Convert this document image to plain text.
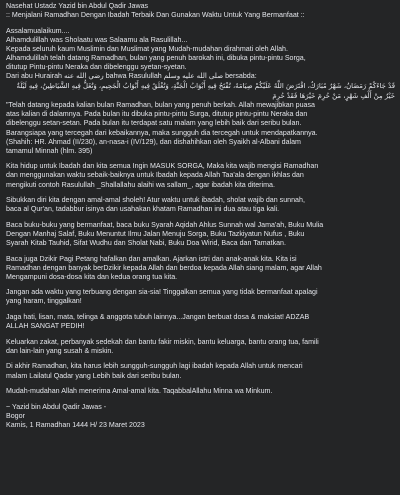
Nasehat Ustadz Yazid bin Abdul Qadir Jawas

:: Menjalani Ramadhan Dengan Ibadah Terbaik Dan Gunakan Waktu Untuk Yang Bermanfaat ::

Assalamualaikum....

Alhamdulillah was Sholaatu was Salaamu ala Rasulillah...

Kepada seluruh kaum Muslimin dan Muslimat yang Mudah-mudahan dirahmati oleh Allah.

Alhamdulillah telah datang Ramadhan, bulan yang penuh barokah ini, dibuka pintu-pintu Sorga,

ditutup Pintu-pintu Neraka dan dibelenggu syetan-syetan.

Dari abu Hurairah رضي الله عنه bahwa Rasulullah صلى الله عليه وسلم bersabda:

قَدْ جَاءَكُمْ رَمَضَانُ، شَهْرٌ مُبَارَكٌ، افْتَرَضَ اللَّهُ عَلَيْكُمْ صِيَامَهُ، تُفْتَحُ فِيهِ أَبْوَابُ الْجَنَّةِ، وَتُغْلَقُ فِيهِ أَبْوَابُ الْجَحِيمِ، وَتُغَلُّ فِيهِ الشَّيَاطِينُ، فِيهِ لَيْلَةٌ خَيْرٌ مِنْ أَلْفِ شَهْرٍ، مَنْ حُرِمَ خَيْرَهَا فَقَدْ حُرِمَ

"Telah datang kepada kalian bulan Ramadhan, bulan yang penuh berkah. Allah mewajibkan puasa

atas kalian di dalamnya. Pada bulan itu dibuka pintu-pintu Surga, ditutup pintu-pintu Neraka dan

dibelenggu setan-setan. Pada bulan itu terdapat satu malam yang lebih baik dari seribu bulan.

Barangsiapa yang tercegah dari kebaikannya, maka sungguh dia tercegah untuk mendapatkannya.

(Shahih: HR. Ahmad (II/230), an-nasa-i (IV/129), dan dishahihkan oleh Syaikh al-Albani dalam

tamamul Minnah (hlm. 395)

Kita hidup untuk Ibadah dan kita semua Ingin MASUK SORGA, Maka kita wajib mengisi Ramadhan

dan menggunakan waktu sebaik-baiknya untuk Ibadah kepada Allah Taa'ala dengan ikhlas dan

mengikuti contoh Rasulullah _Shallallahu alaihi wa sallam_, agar ibadah kita diterima.

Sibukkan diri kita dengan amal-amal sholeh! Atur waktu untuk ibadah, sholat wajib dan sunnah,

baca al Qur'an, tadabbur isinya dan usahakan khatam Ramadhan ini dua atau tiga kali.

Baca buku-buku yang bermanfaat, baca buku Syarah Aqidah Ahlus Sunnah wal Jama'ah, Buku Mulia

Dengan Manhaj Salaf, Buku Menuntut Ilmu Jalan Menuju Sorga, Buku Tazkiyatun Nufus , Buku

Syarah Kitab Tauhid, Sifat Wudhu dan Sholat Nabi, Buku Doa Wirid, Baca dan Tamatkan.

Baca juga Dzikir Pagi Petang hafalkan dan amalkan. Ajarkan istri dan anak-anak kita. Kita isi

Ramadhan dengan banyak berDzikir kepada Allah dan berdoa kepada Allah siang malam, agar Allah

Mengampuni dosa-dosa kita dan kedua orang tua kita.

Jangan ada waktu yang terbuang dengan sia-sia! Tinggalkan semua yang tidak bermanfaat apalagi

yang haram, tinggalkan!

Jaga hati, lisan, mata, telinga & anggota tubuh lainnya...Jangan berbuat dosa & maksiat! ADZAB

ALLAH SANGAT PEDIH!

Keluarkan zakat, perbanyak sedekah dan bantu fakir miskin, bantu keluarga, bantu orang tua, famili

dan lain-lain yang susah & miskin.

Di akhir Ramadhan, kita harus lebih sungguh-sungguh lagi ibadah kepada Allah untuk mencari

malam Lailatul Qadar yang Lebih baik dari seribu bulan.

Mudah-mudahan Allah menerima Amal-amal kita. TaqabbalAllahu Minna wa Minkum.

~ Yazid bin Abdul Qadir Jawas -

Bogor

Kamis, 1 Ramadhan 1444 H/ 23 Maret 2023
